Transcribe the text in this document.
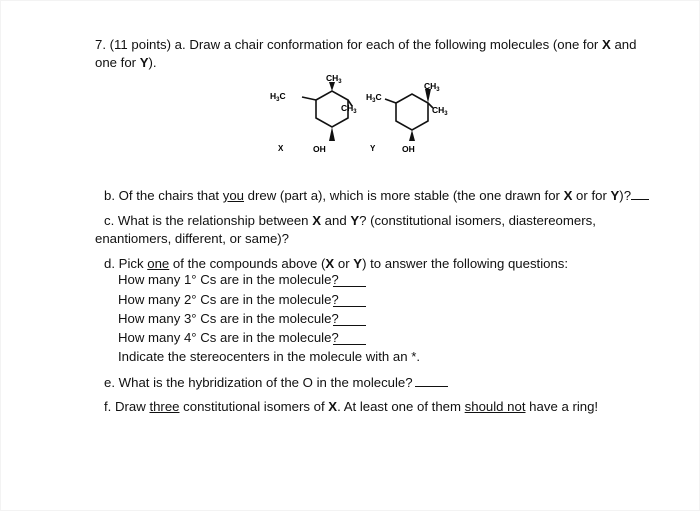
7. (11 points) a. Draw a chair conformation for each of the following molecules (one for X and
one for Y).
$H_3C$
$CH_3$
$CH_3$
OH
X
$H_3C$
$CH_3$
$CH_3$
OH
Y
b. Of the chairs that you drew (part a), which is more stable (the one drawn for X or for Y)?
c. What is the relationship between X and Y? (constitutional isomers, diastereomers,
enantiomers, different, or same)?
d. Pick one of the compounds above (X or Y) to answer the following questions:
How many 1° Cs are in the molecule?
How many 2° Cs are in the molecule?
How many 3° Cs are in the molecule?
How many 4° Cs are in the molecule?
Indicate the stereocenters in the molecule with an *.
e. What is the hybridization of the O in the molecule?
f. Draw three constitutional isomers of X. At least one of them should not have a ring!
